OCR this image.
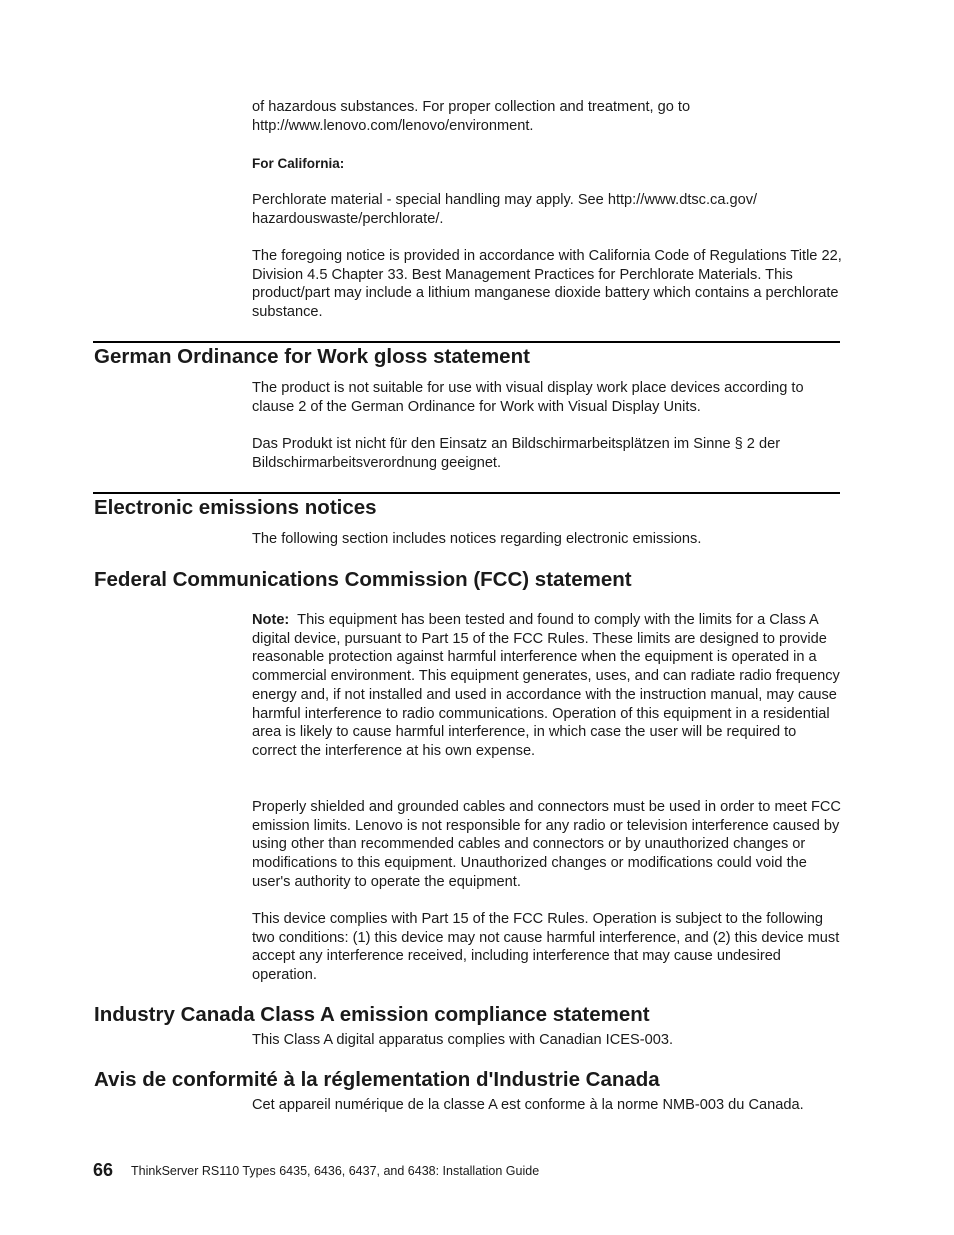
of hazardous substances. For proper collection and treatment, go to http://www.lenovo.com/lenovo/environment.
For California:
Perchlorate material - special handling may apply. See http://www.dtsc.ca.gov/ hazardouswaste/perchlorate/.
The foregoing notice is provided in accordance with California Code of Regulations Title 22, Division 4.5 Chapter 33. Best Management Practices for Perchlorate Materials. This product/part may include a lithium manganese dioxide battery which contains a perchlorate substance.
German Ordinance for Work gloss statement
The product is not suitable for use with visual display work place devices according to clause 2 of the German Ordinance for Work with Visual Display Units.
Das Produkt ist nicht für den Einsatz an Bildschirmarbeitsplätzen im Sinne § 2 der Bildschirmarbeitsverordnung geeignet.
Electronic emissions notices
The following section includes notices regarding electronic emissions.
Federal Communications Commission (FCC) statement
Note: This equipment has been tested and found to comply with the limits for a Class A digital device, pursuant to Part 15 of the FCC Rules. These limits are designed to provide reasonable protection against harmful interference when the equipment is operated in a commercial environment. This equipment generates, uses, and can radiate radio frequency energy and, if not installed and used in accordance with the instruction manual, may cause harmful interference to radio communications. Operation of this equipment in a residential area is likely to cause harmful interference, in which case the user will be required to correct the interference at his own expense.
Properly shielded and grounded cables and connectors must be used in order to meet FCC emission limits. Lenovo is not responsible for any radio or television interference caused by using other than recommended cables and connectors or by unauthorized changes or modifications to this equipment. Unauthorized changes or modifications could void the user's authority to operate the equipment.
This device complies with Part 15 of the FCC Rules. Operation is subject to the following two conditions: (1) this device may not cause harmful interference, and (2) this device must accept any interference received, including interference that may cause undesired operation.
Industry Canada Class A emission compliance statement
This Class A digital apparatus complies with Canadian ICES-003.
Avis de conformité à la réglementation d'Industrie Canada
Cet appareil numérique de la classe A est conforme à la norme NMB-003 du Canada.
66 ThinkServer RS110 Types 6435, 6436, 6437, and 6438: Installation Guide
